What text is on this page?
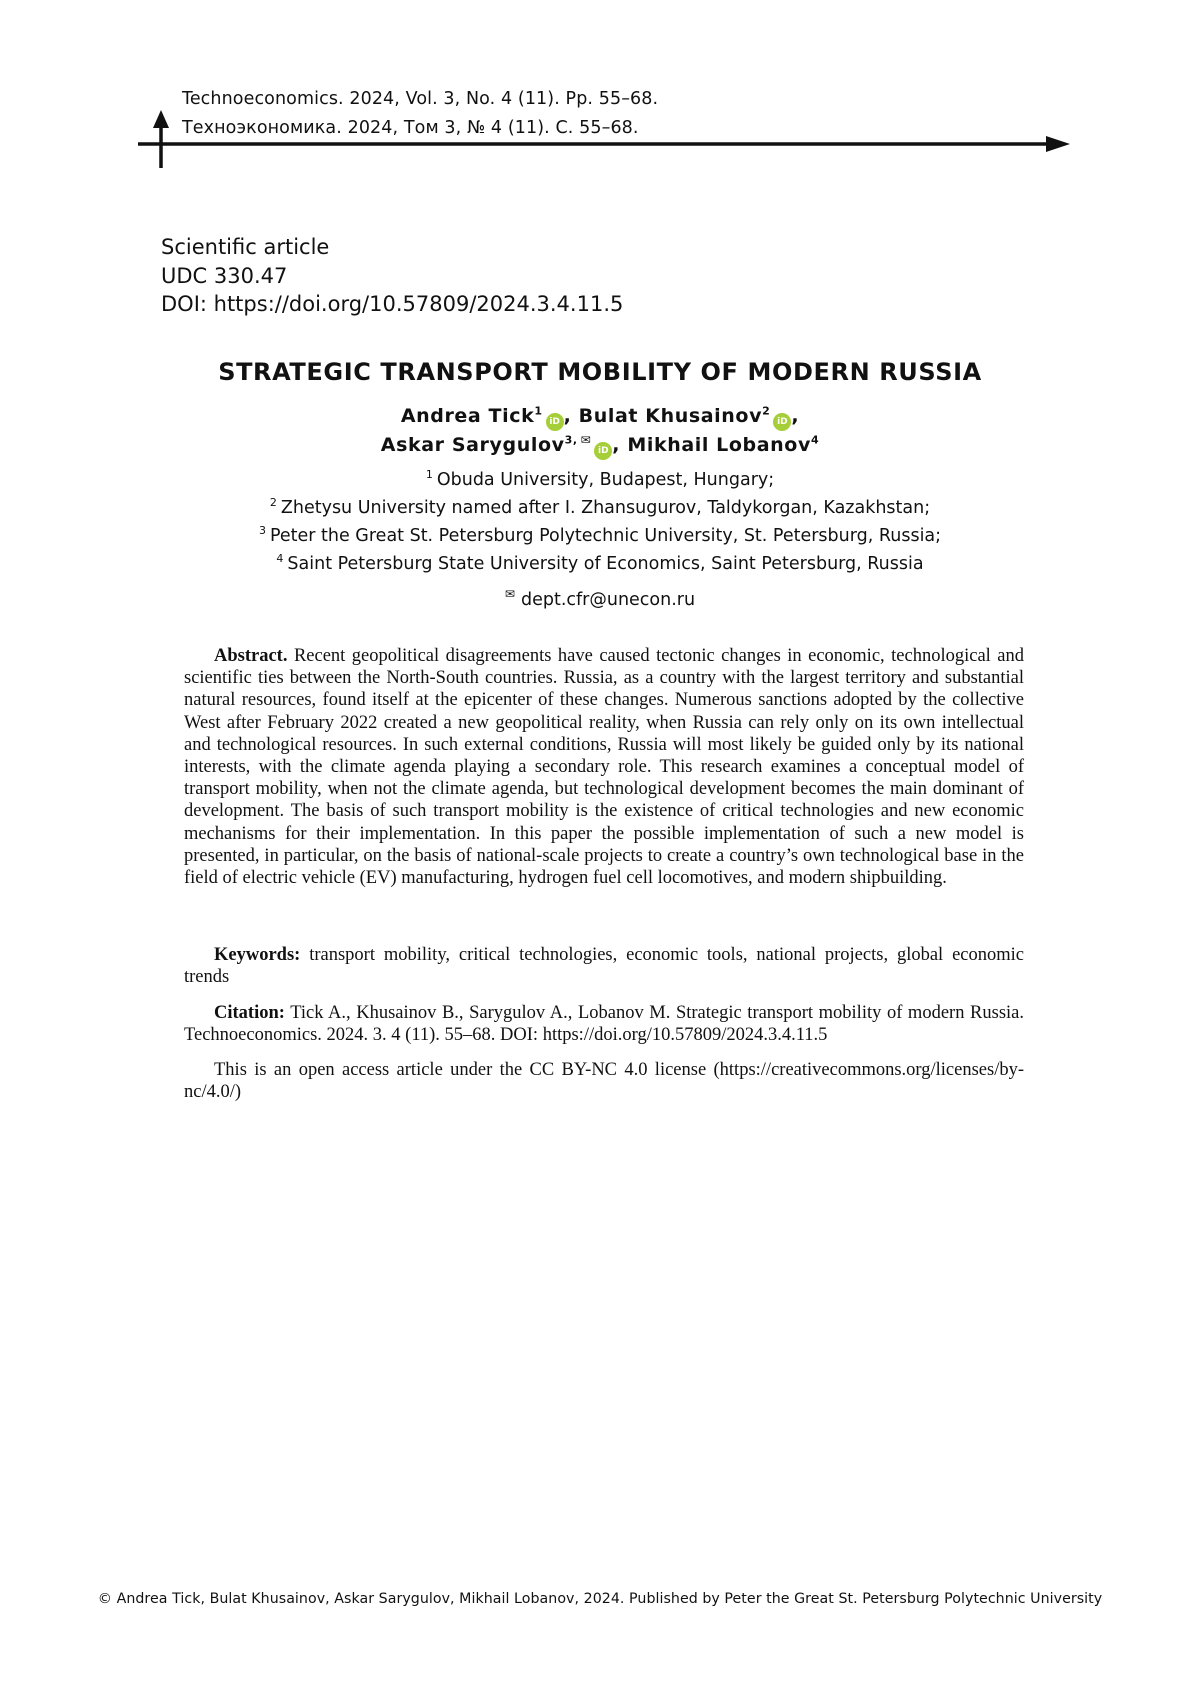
Technoeconomics. 2024, Vol. 3, No. 4 (11). Pp. 55–68.
Техноэкономика. 2024, Том 3, № 4 (11). С. 55–68.
Scientific article
UDC 330.47
DOI: https://doi.org/10.57809/2024.3.4.11.5
STRATEGIC TRANSPORT MOBILITY OF MODERN RUSSIA
Andrea Tick$^1$iD , Bulat Khusainov$^2$iD ,
Askar Sarygulov$^{3,}$ ✉iD , Mikhail Lobanov$^4$
$^1$ Obuda University, Budapest, Hungary;
$^2$ Zhetysu University named after I. Zhansugurov, Taldykorgan, Kazakhstan;
$^3$ Peter the Great St. Petersburg Polytechnic University, St. Petersburg, Russia;
$^4$ Saint Petersburg State University of Economics, Saint Petersburg, Russia
✉ dept.cfr@unecon.ru

Abstract. Recent geopolitical disagreements have caused tectonic changes in economic, technological and scientific ties between the North-South countries. Russia, as a country with the largest territory and substantial natural resources, found itself at the epicenter of these changes. Numerous sanctions adopted by the collective West after February 2022 created a new geopolitical reality, when Russia can rely only on its own intellectual and technological resources. In such external conditions, Russia will most likely be guided only by its national interests, with the climate agenda playing a secondary role. This research examines a conceptual model of transport mobility, when not the climate agenda, but technological development becomes the main dominant of development. The basis of such transport mobility is the existence of critical technologies and new economic mechanisms for their implementation. In this paper the possible implementation of such a new model is presented, in particular, on the basis of national-scale projects to create a country’s own technological base in the field of electric vehicle (EV) manufacturing, hydrogen fuel cell locomotives, and modern shipbuilding.

Keywords: transport mobility, critical technologies, economic tools, national projects, global economic trends

Citation: Tick A., Khusainov B., Sarygulov A., Lobanov M. Strategic transport mobility of modern Russia. Technoeconomics. 2024. 3. 4 (11). 55–68. DOI: https://doi.org/10.57809/2024.3.4.11.5

This is an open access article under the CC BY-NC 4.0 license (https://creativecommons.org/licenses/by-nc/4.0/)

© Andrea Tick, Bulat Khusainov, Askar Sarygulov, Mikhail Lobanov, 2024. Published by Peter the Great St. Petersburg Polytechnic University
